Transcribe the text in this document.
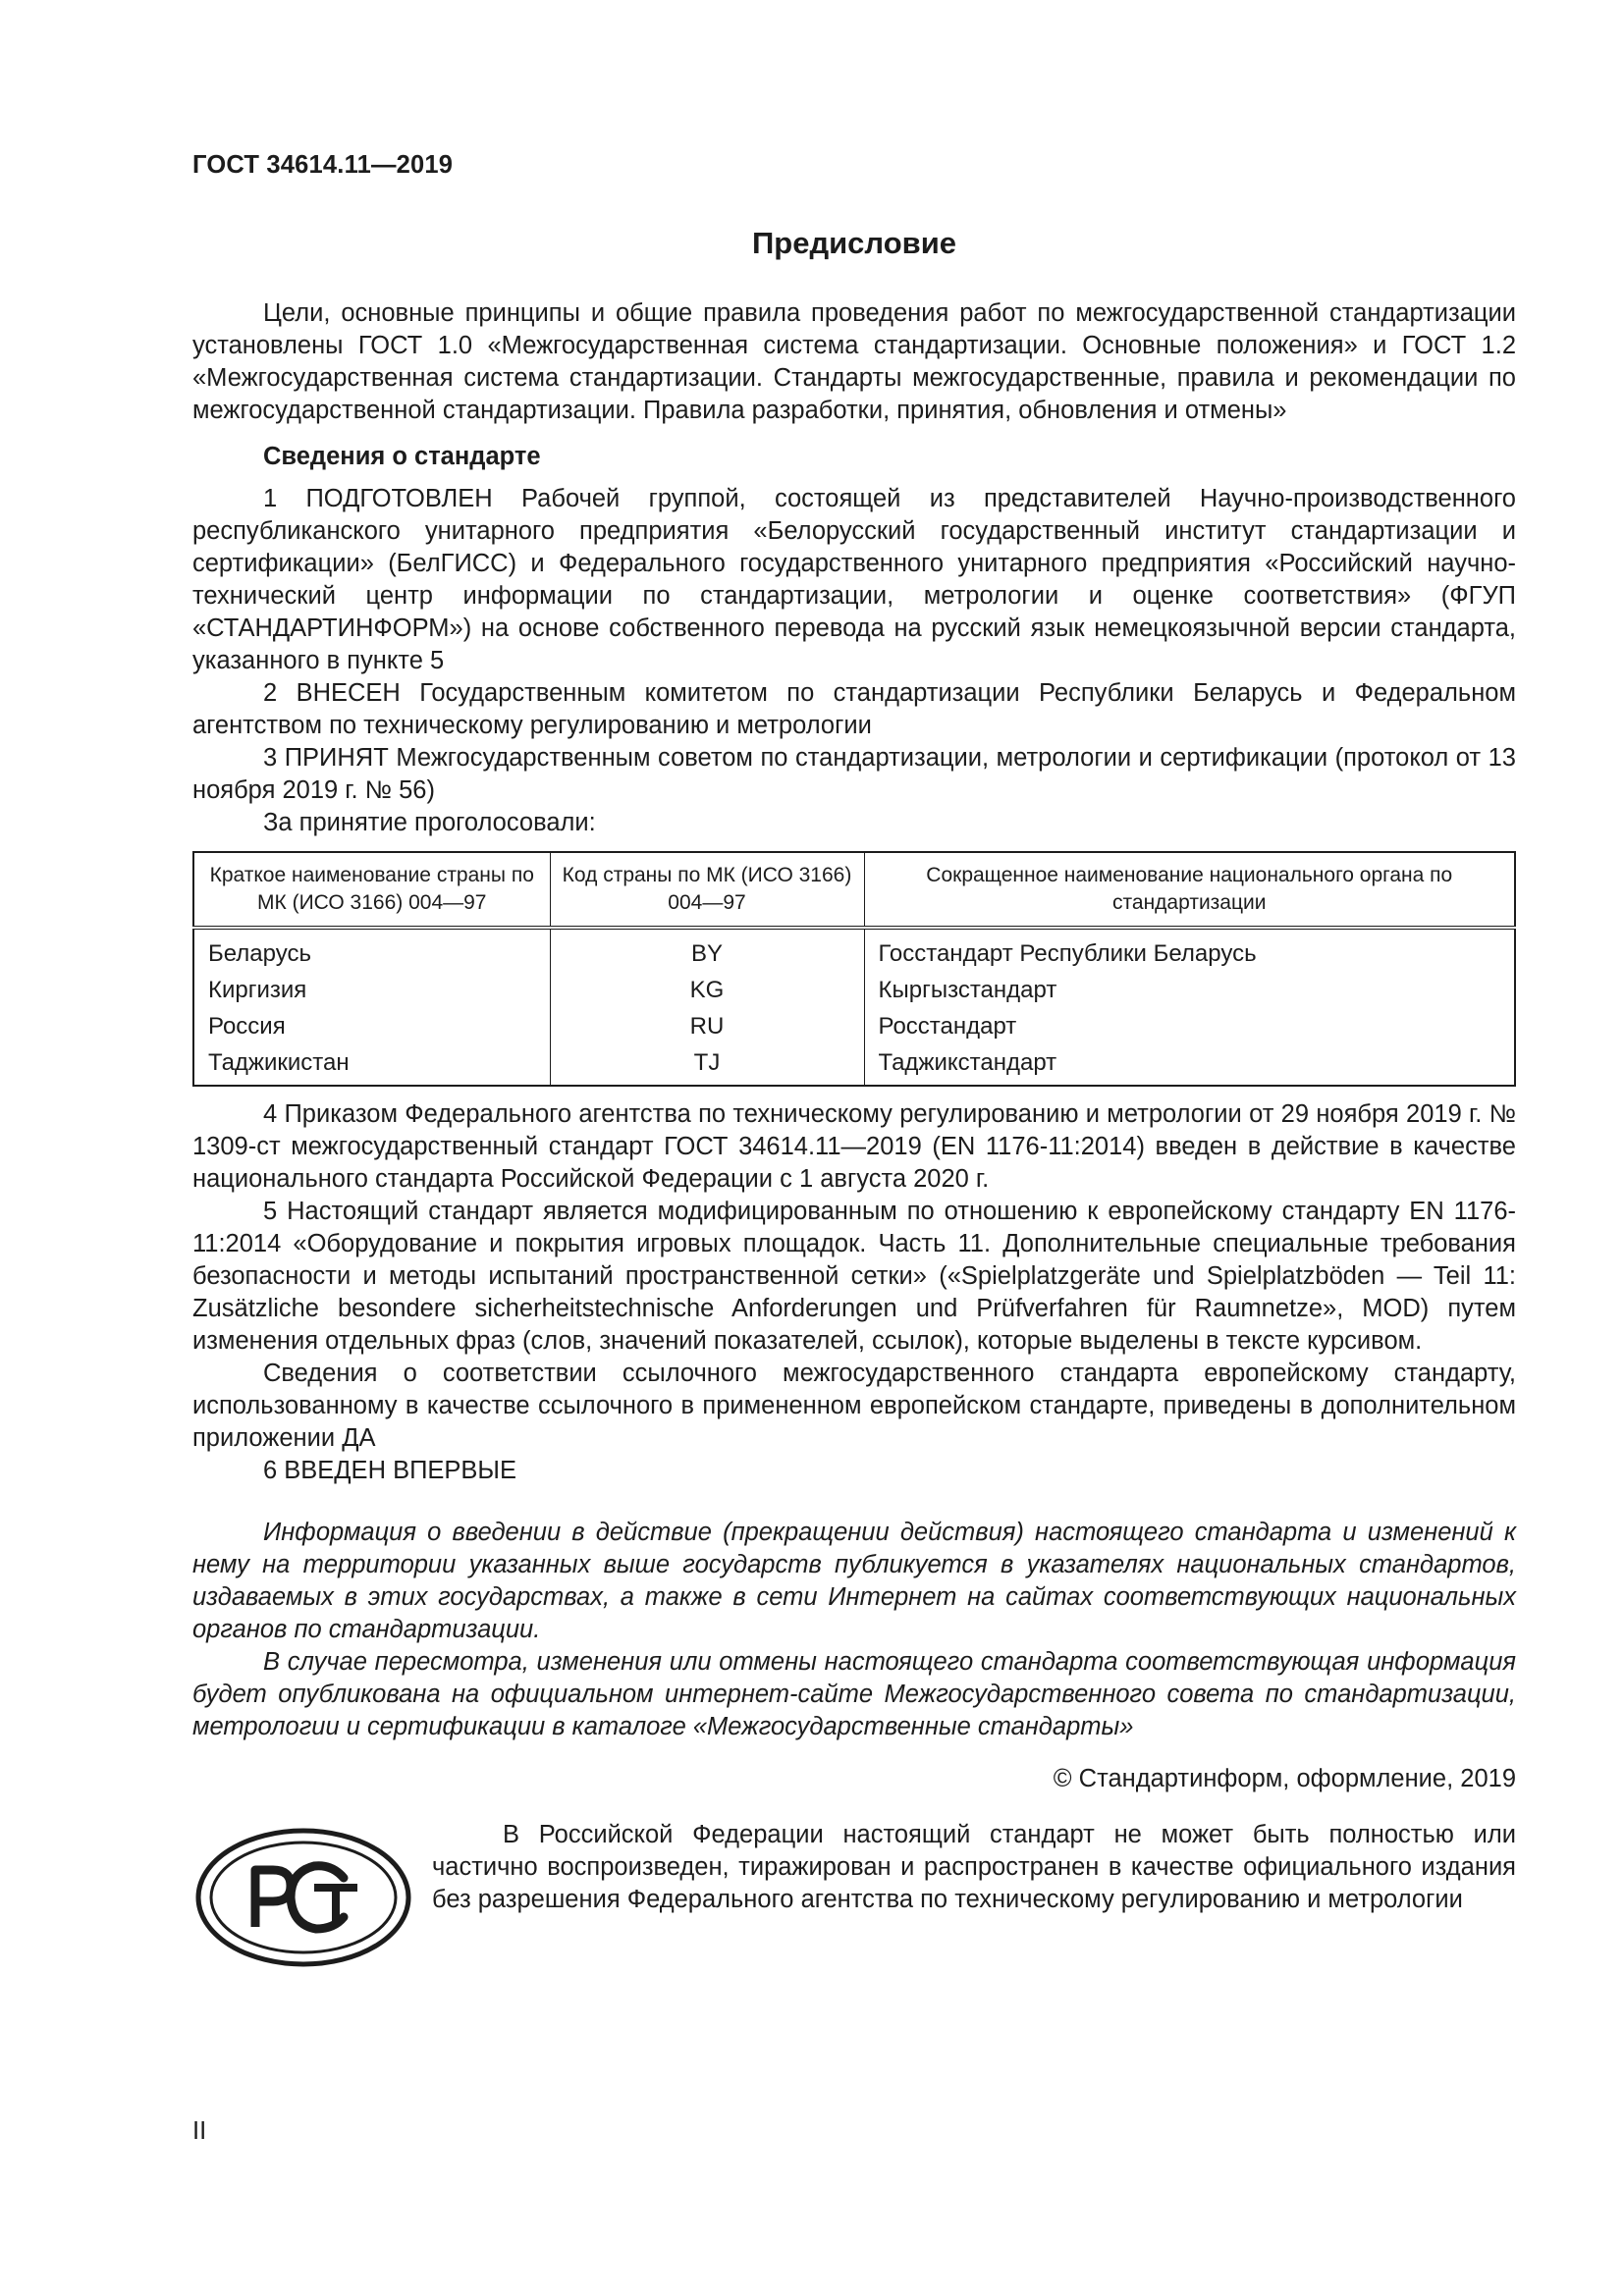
ГОСТ 34614.11—2019
Предисловие

Цели, основные принципы и общие правила проведения работ по межгосударственной стандартизации установлены ГОСТ 1.0 «Межгосударственная система стандартизации. Основные положения» и ГОСТ 1.2 «Межгосударственная система стандартизации. Стандарты межгосударственные, правила и рекомендации по межгосударственной стандартизации. Правила разработки, принятия, обновления и отмены»

Сведения о стандарте

1 ПОДГОТОВЛЕН Рабочей группой, состоящей из представителей Научно-производственного республиканского унитарного предприятия «Белорусский государственный институт стандартизации и сертификации» (БелГИСС) и Федерального государственного унитарного предприятия «Российский научно-технический центр информации по стандартизации, метрологии и оценке соответствия» (ФГУП «СТАНДАРТИНФОРМ») на основе собственного перевода на русский язык немецкоязычной версии стандарта, указанного в пункте 5

2 ВНЕСЕН Государственным комитетом по стандартизации Республики Беларусь и Федеральном агентством по техническому регулированию и метрологии

3 ПРИНЯТ Межгосударственным советом по стандартизации, метрологии и сертификации (протокол от 13 ноября 2019 г. № 56)

За принятие проголосовали:

Краткое наименование страны по МК (ИСО 3166) 004—97	Код страны по МК (ИСО 3166) 004—97	Сокращенное наименование национального органа по стандартизации
Беларусь	BY	Госстандарт Республики Беларусь
Киргизия	KG	Кыргызстандарт
Россия	RU	Росстандарт
Таджикистан	TJ	Таджикстандарт

4 Приказом Федерального агентства по техническому регулированию и метрологии от 29 ноября 2019 г. № 1309-ст межгосударственный стандарт ГОСТ 34614.11—2019 (EN 1176-11:2014) введен в действие в качестве национального стандарта Российской Федерации с 1 августа 2020 г.

5 Настоящий стандарт является модифицированным по отношению к европейскому стандарту EN 1176-11:2014 «Оборудование и покрытия игровых площадок. Часть 11. Дополнительные специальные требования безопасности и методы испытаний пространственной сетки» («Spielplatzgeräte und Spielplatzböden — Teil 11: Zusätzliche besondere sicherheitstechnische Anforderungen und Prüfverfahren für Raumnetze», MOD) путем изменения отдельных фраз (слов, значений показателей, ссылок), которые выделены в тексте курсивом.

Сведения о соответствии ссылочного межгосударственного стандарта европейскому стандарту, использованному в качестве ссылочного в примененном европейском стандарте, приведены в дополнительном приложении ДА

6 ВВЕДЕН ВПЕРВЫЕ

Информация о введении в действие (прекращении действия) настоящего стандарта и изменений к нему на территории указанных выше государств публикуется в указателях национальных стандартов, издаваемых в этих государствах, а также в сети Интернет на сайтах соответствующих национальных органов по стандартизации.

В случае пересмотра, изменения или отмены настоящего стандарта соответствующая информация будет опубликована на официальном интернет-сайте Межгосударственного совета по стандартизации, метрологии и сертификации в каталоге «Межгосударственные стандарты»

© Стандартинформ, оформление, 2019

В Российской Федерации настоящий стандарт не может быть полностью или частично воспроизведен, тиражирован и распространен в качестве официального издания без разрешения Федерального агентства по техническому регулированию и метрологии
II
